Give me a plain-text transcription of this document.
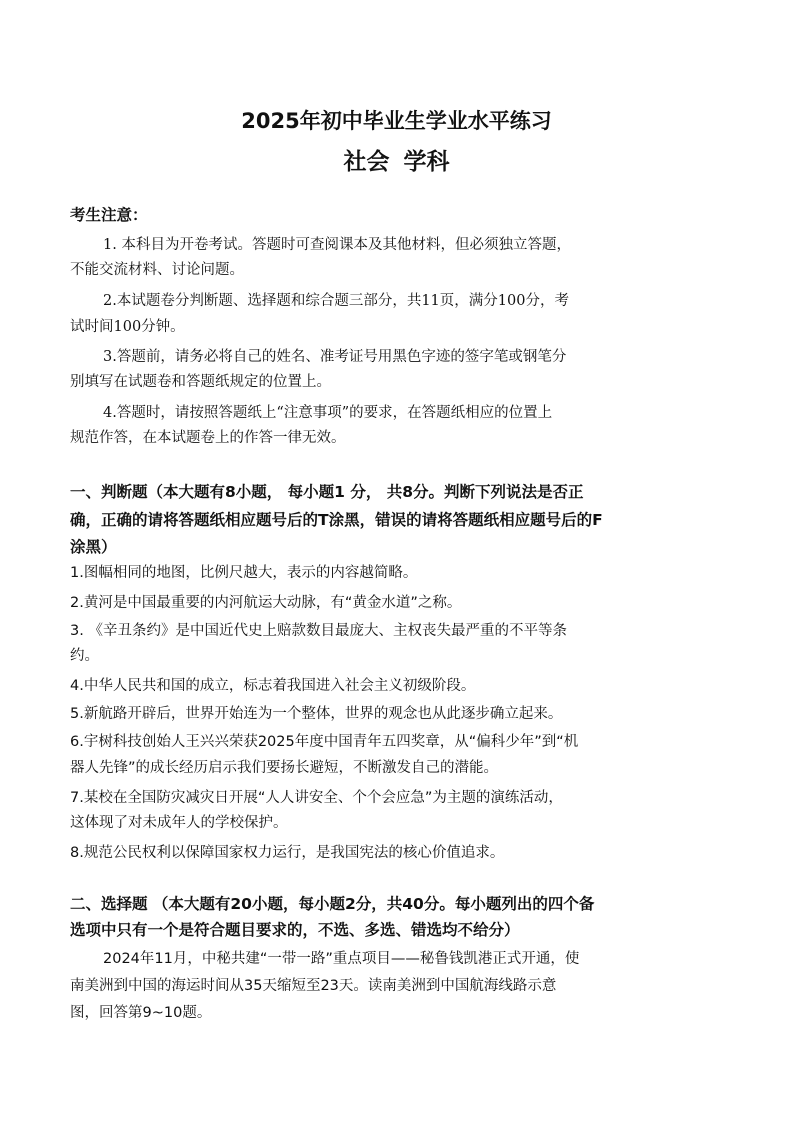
2025年初中毕业生学业水平练习
社会 学科
考生注意：
1. 本科目为开卷考试。答题时可查阅课本及其他材料，但必须独立答题，
不能交流材料、讨论问题。
2.本试题卷分判断题、选择题和综合题三部分，共11页，满分100分，考
试时间100分钟。
3.答题前，请务必将自己的姓名、准考证号用黑色字迹的签字笔或钢笔分
别填写在试题卷和答题纸规定的位置上。
4.答题时，请按照答题纸上“注意事项”的要求，在答题纸相应的位置上
规范作答，在本试题卷上的作答一律无效。
一、判断题（本大题有8小题， 每小题1 分， 共8分。判断下列说法是否正
确，正确的请将答题纸相应题号后的T涂黑，错误的请将答题纸相应题号后的F
涂黑）
1.图幅相同的地图，比例尺越大，表示的内容越简略。
2.黄河是中国最重要的内河航运大动脉，有“黄金水道”之称。
3. 《辛丑条约》是中国近代史上赔款数目最庞大、主权丧失最严重的不平等条
约。
4.中华人民共和国的成立，标志着我国进入社会主义初级阶段。
5.新航路开辟后，世界开始连为一个整体，世界的观念也从此逐步确立起来。
6.宇树科技创始人王兴兴荣获2025年度中国青年五四奖章，从“偏科少年”到“机
器人先锋”的成长经历启示我们要扬长避短，不断激发自己的潜能。
7.某校在全国防灾减灾日开展“人人讲安全、个个会应急”为主题的演练活动，
这体现了对未成年人的学校保护。
8.规范公民权利以保障国家权力运行，是我国宪法的核心价值追求。
二、选择题 （本大题有20小题，每小题2分，共40分。每小题列出的四个备
选项中只有一个是符合题目要求的，不选、多选、错选均不给分）
2024年11月，中秘共建“一带一路”重点项目——秘鲁钱凯港正式开通，使
南美洲到中国的海运时间从35天缩短至23天。读南美洲到中国航海线路示意
图，回答第9~10题。
